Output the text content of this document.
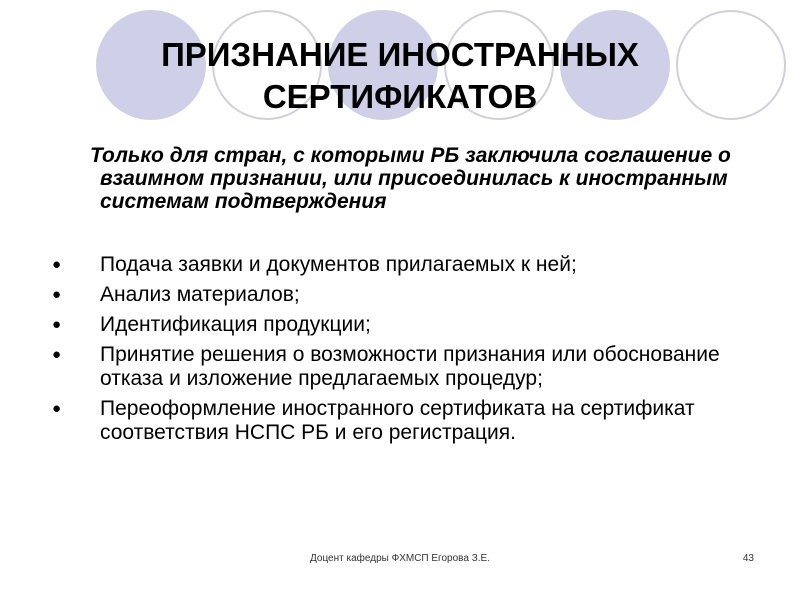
ПРИЗНАНИЕ ИНОСТРАННЫХ
СЕРТИФИКАТОВ

Только для стран, с которыми РБ заключила соглашение о взаимном признании, или присоединилась к иностранным системам подтверждения

● Подача заявки и документов прилагаемых к ней;
● Анализ материалов;
● Идентификация продукции;
● Принятие решения о возможности признания или обоснование отказа и изложение предлагаемых процедур;
● Переоформление иностранного сертификата на сертификат соответствия НСПС РБ и его регистрация.
Доцент кафедры ФХМСП Егорова З.Е.	43
